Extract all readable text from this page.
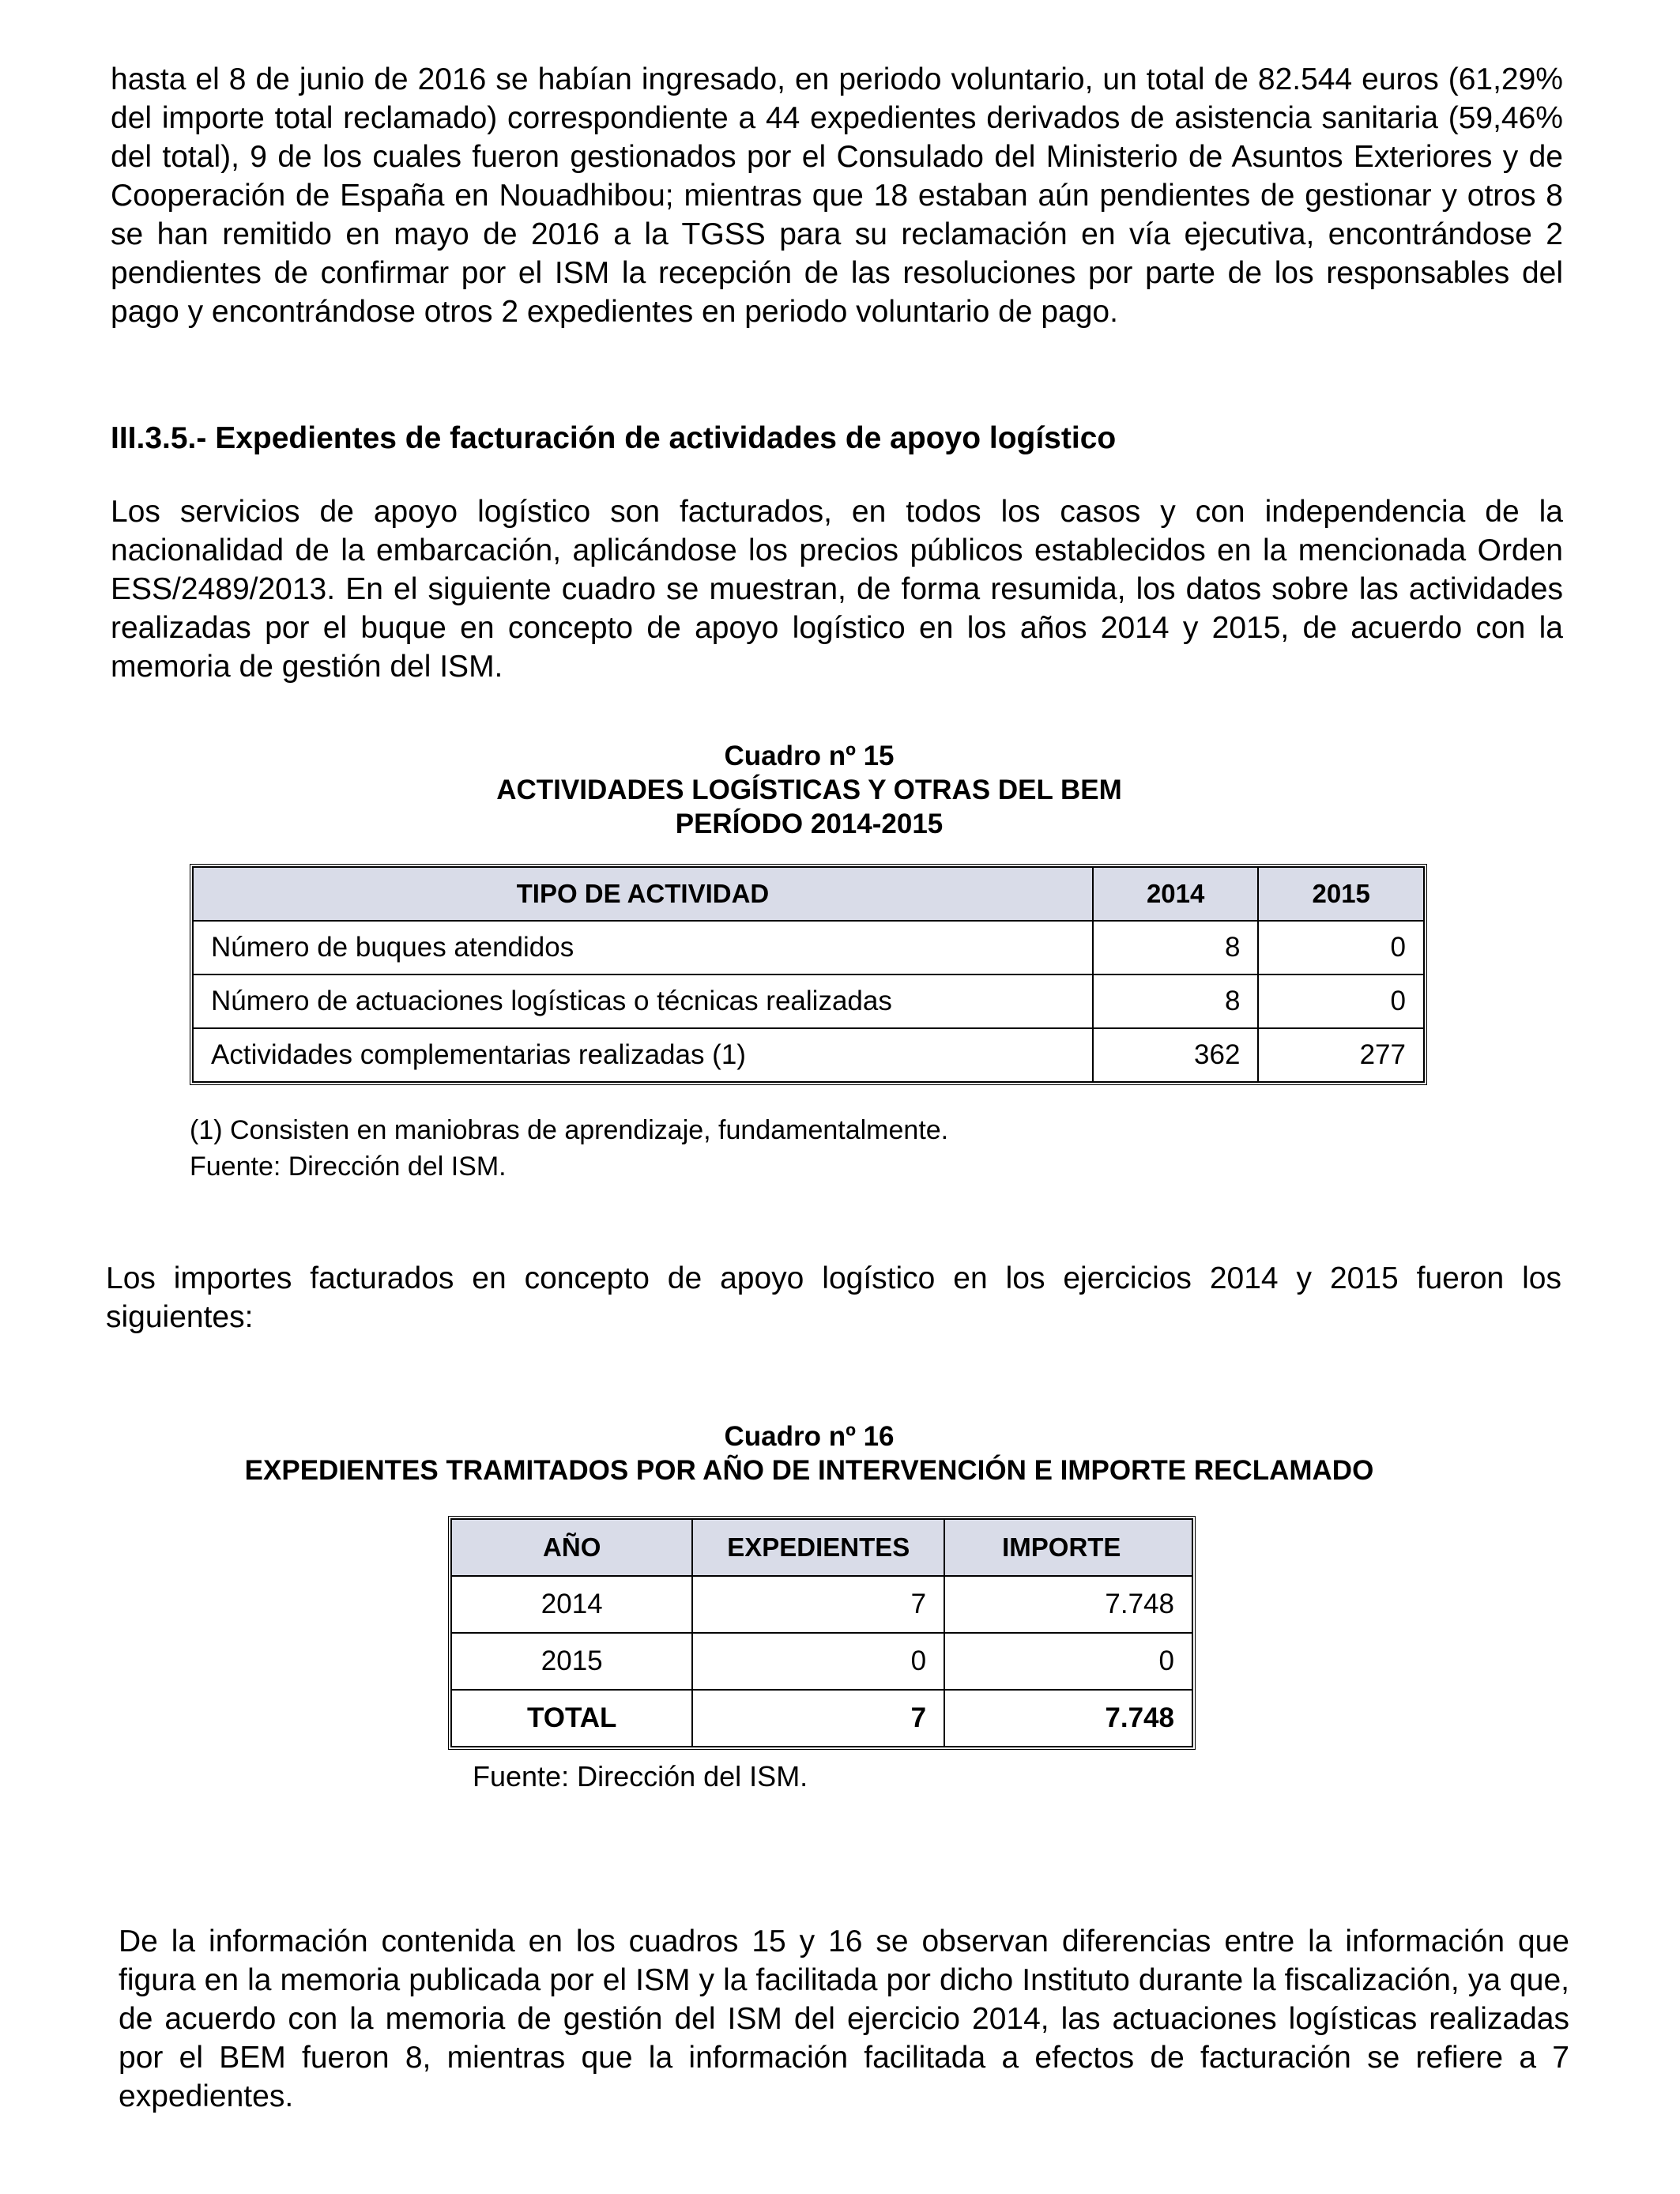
hasta el 8 de junio de 2016 se habían ingresado, en periodo voluntario, un total de 82.544 euros (61,29% del importe total reclamado) correspondiente a 44 expedientes derivados de asistencia sanitaria (59,46% del total), 9 de los cuales fueron gestionados por el Consulado del Ministerio de Asuntos Exteriores y de Cooperación de España en Nouadhibou; mientras que 18 estaban aún pendientes de gestionar y otros 8 se han remitido en mayo de 2016 a la TGSS para su reclamación en vía ejecutiva, encontrándose 2 pendientes de confirmar por el ISM la recepción de las resoluciones por parte de los responsables del pago y encontrándose otros 2 expedientes en periodo voluntario de pago.

III.3.5.- Expedientes de facturación de actividades de apoyo logístico

Los servicios de apoyo logístico son facturados, en todos los casos y con independencia de la nacionalidad de la embarcación, aplicándose los precios públicos establecidos en la mencionada Orden ESS/2489/2013. En el siguiente cuadro se muestran, de forma resumida, los datos sobre las actividades realizadas por el buque en concepto de apoyo logístico en los años 2014 y 2015, de acuerdo con la memoria de gestión del ISM.

Cuadro nº 15
ACTIVIDADES LOGÍSTICAS Y OTRAS DEL BEM
PERÍODO 2014-2015
TIPO DE ACTIVIDAD	2014	2015
Número de buques atendidos	8	0
Número de actuaciones logísticas o técnicas realizadas	8	0
Actividades complementarias realizadas (1)	362	277
(1) Consisten en maniobras de aprendizaje, fundamentalmente.
Fuente: Dirección del ISM.

Los importes facturados en concepto de apoyo logístico en los ejercicios 2014 y 2015 fueron los siguientes:

Cuadro nº 16
EXPEDIENTES TRAMITADOS POR AÑO DE INTERVENCIÓN E IMPORTE RECLAMADO
AÑO	EXPEDIENTES	IMPORTE
2014	7	7.748
2015	0	0
TOTAL	7	7.748
Fuente: Dirección del ISM.

De la información contenida en los cuadros 15 y 16 se observan diferencias entre la información que figura en la memoria publicada por el ISM y la facilitada por dicho Instituto durante la fiscalización, ya que, de acuerdo con la memoria de gestión del ISM del ejercicio 2014, las actuaciones logísticas realizadas por el BEM fueron 8, mientras que la información facilitada a efectos de facturación se refiere a 7 expedientes.
